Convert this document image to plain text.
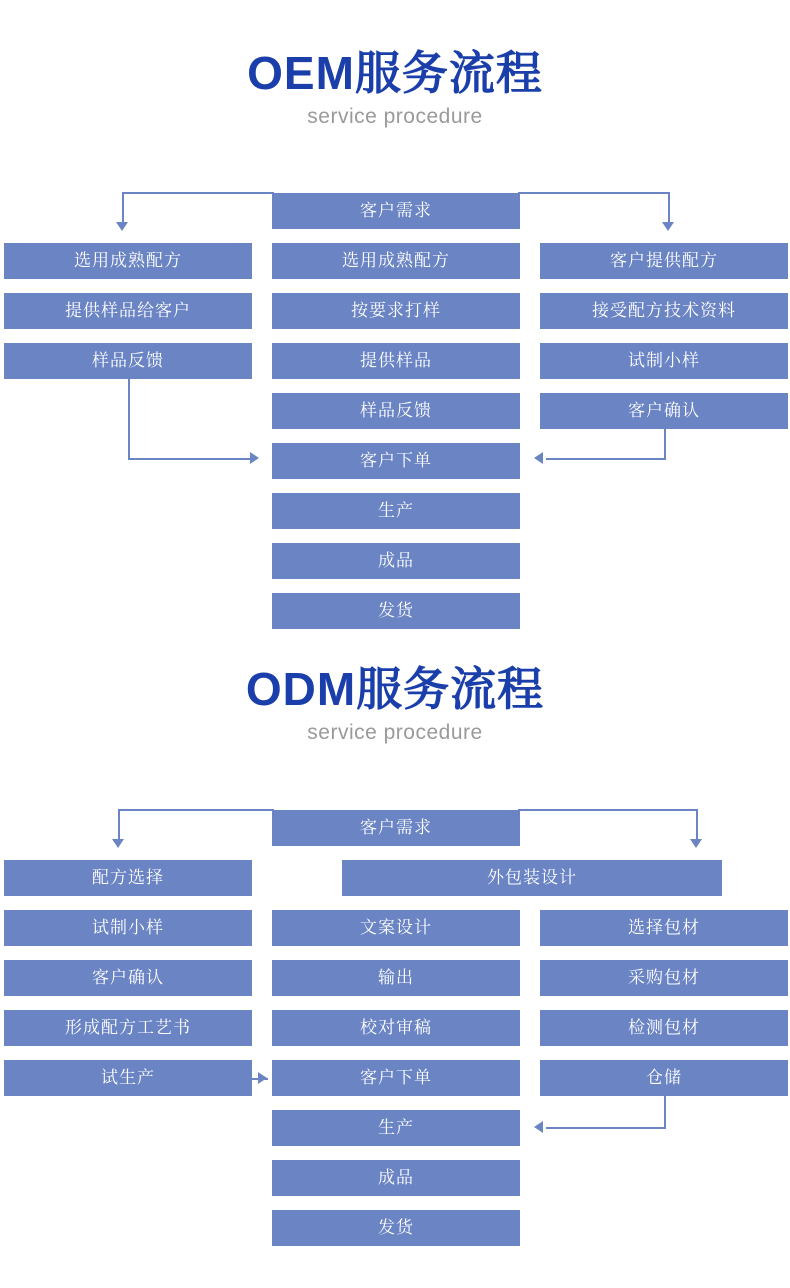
OEM服务流程
service procedure
客户需求
选用成熟配方
提供样品给客户
样品反馈
选用成熟配方
按要求打样
提供样品
样品反馈
客户下单
生产
成品
发货
客户提供配方
接受配方技术资料
试制小样
客户确认
ODM服务流程
service procedure
客户需求
外包装设计
配方选择
试制小样
客户确认
形成配方工艺书
试生产
文案设计
输出
校对审稿
客户下单
生产
成品
发货
选择包材
采购包材
检测包材
仓储
